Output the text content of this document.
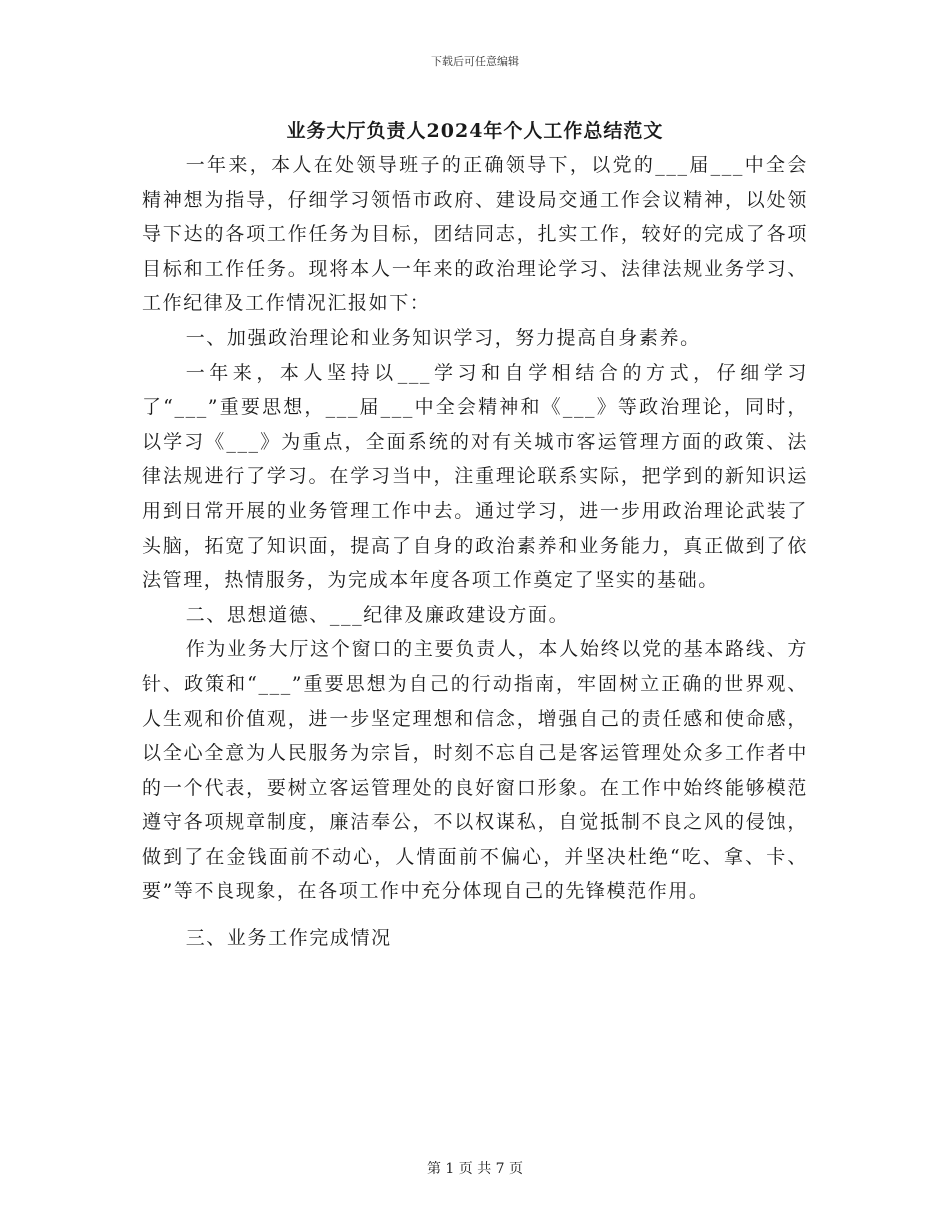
下载后可任意编辑
业务大厅负责人2024年个人工作总结范文

一年来，本人在处领导班子的正确领导下，以党的___届___中全会精神想为指导，仔细学习领悟市政府、建设局交通工作会议精神，以处领导下达的各项工作任务为目标，团结同志，扎实工作，较好的完成了各项目标和工作任务。现将本人一年来的政治理论学习、法律法规业务学习、工作纪律及工作情况汇报如下：

一、加强政治理论和业务知识学习，努力提高自身素养。

一年来，本人坚持以___学习和自学相结合的方式，仔细学习了“___”重要思想，___届___中全会精神和《___》等政治理论，同时，以学习《___》为重点，全面系统的对有关城市客运管理方面的政策、法律法规进行了学习。在学习当中，注重理论联系实际，把学到的新知识运用到日常开展的业务管理工作中去。通过学习，进一步用政治理论武装了头脑，拓宽了知识面，提高了自身的政治素养和业务能力，真正做到了依法管理，热情服务，为完成本年度各项工作奠定了坚实的基础。

二、思想道德、___纪律及廉政建设方面。

作为业务大厅这个窗口的主要负责人，本人始终以党的基本路线、方针、政策和“___”重要思想为自己的行动指南，牢固树立正确的世界观、人生观和价值观，进一步坚定理想和信念，增强自己的责任感和使命感，以全心全意为人民服务为宗旨，时刻不忘自己是客运管理处众多工作者中的一个代表，要树立客运管理处的良好窗口形象。在工作中始终能够模范遵守各项规章制度，廉洁奉公，不以权谋私，自觉抵制不良之风的侵蚀，做到了在金钱面前不动心，人情面前不偏心，并坚决杜绝“吃、拿、卡、要”等不良现象，在各项工作中充分体现自己的先锋模范作用。

三、业务工作完成情况

第 1 页 共 7 页
